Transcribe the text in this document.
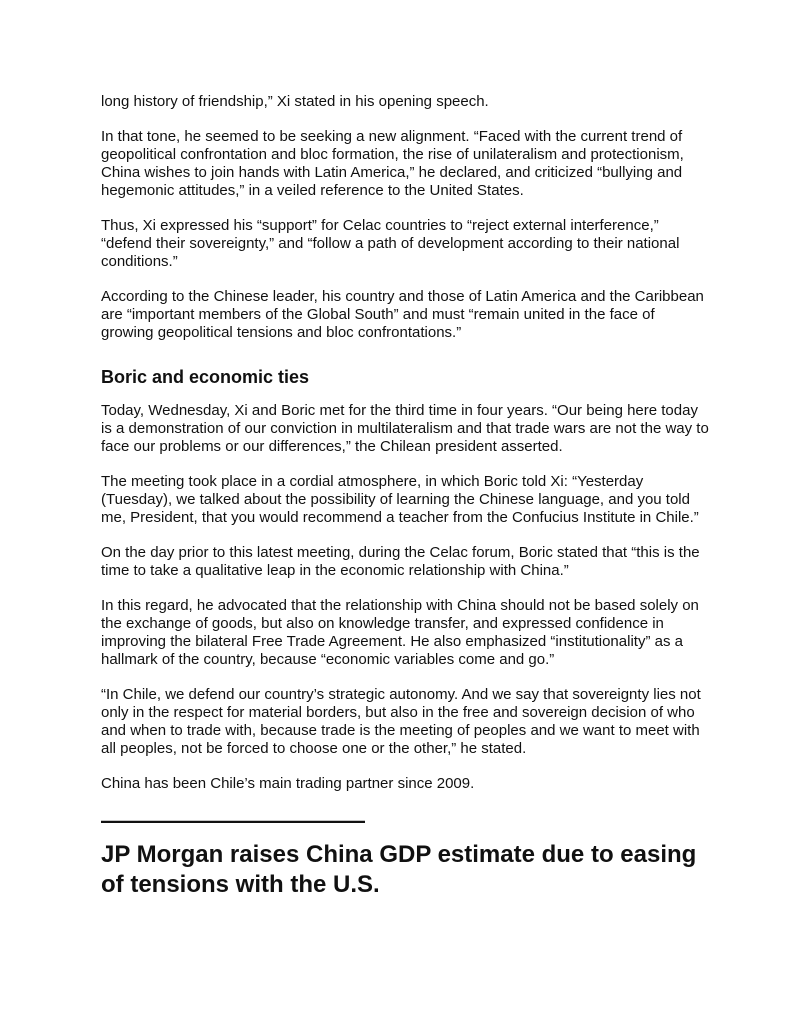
long history of friendship,” Xi stated in his opening speech.

In that tone, he seemed to be seeking a new alignment. “Faced with the current trend of geopolitical confrontation and bloc formation, the rise of unilateralism and protectionism, China wishes to join hands with Latin America,” he declared, and criticized “bullying and hegemonic attitudes,” in a veiled reference to the United States.

Thus, Xi expressed his “support” for Celac countries to “reject external interference,” “defend their sovereignty,” and “follow a path of development according to their national conditions.”

According to the Chinese leader, his country and those of Latin America and the Caribbean are “important members of the Global South” and must “remain united in the face of growing geopolitical tensions and bloc confrontations.”

Boric and economic ties

Today, Wednesday, Xi and Boric met for the third time in four years. “Our being here today is a demonstration of our conviction in multilateralism and that trade wars are not the way to face our problems or our differences,” the Chilean president asserted.

The meeting took place in a cordial atmosphere, in which Boric told Xi: “Yesterday (Tuesday), we talked about the possibility of learning the Chinese language, and you told me, President, that you would recommend a teacher from the Confucius Institute in Chile.”

On the day prior to this latest meeting, during the Celac forum, Boric stated that “this is the time to take a qualitative leap in the economic relationship with China.”

In this regard, he advocated that the relationship with China should not be based solely on the exchange of goods, but also on knowledge transfer, and expressed confidence in improving the bilateral Free Trade Agreement. He also emphasized “institutionality” as a hallmark of the country, because “economic variables come and go.”

“In Chile, we defend our country’s strategic autonomy. And we say that sovereignty lies not only in the respect for material borders, but also in the free and sovereign decision of who and when to trade with, because trade is the meeting of peoples and we want to meet with all peoples, not be forced to choose one or the other,” he stated.

China has been Chile’s main trading partner since 2009.

————————————
JP Morgan raises China GDP estimate due to easing of tensions with the U.S.
